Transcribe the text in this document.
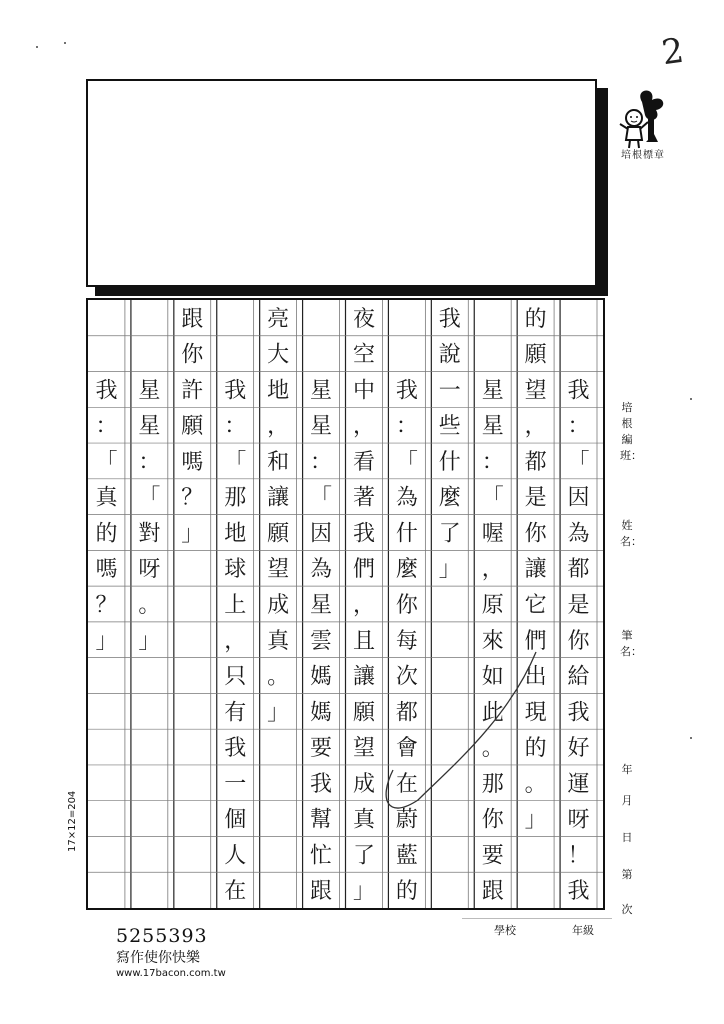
2
培根標章
我
：
「
因
為
都
是
你
給
我
好
運
呀
！
我
的
願
望
，
都
是
你
讓
它
們
出
現
的
。
」
星
星
：
「
喔
，
原
來
如
此
。
那
你
要
跟
我
說
一
些
什
麼
了
」
我
：
「
為
什
麼
你
每
次
都
會
在
蔚
藍
的
夜
空
中
，
看
著
我
們
，
且
讓
願
望
成
真
了
」
星
星
：
「
因
為
星
雲
媽
媽
要
我
幫
忙
跟
亮
大
地
，
和
讓
願
望
成
真
。
」
我
：
「
那
地
球
上
，
只
有
我
一
個
人
在
跟
你
許
願
嗎
？
」
星
星
：
「
對
呀
。
」
我
：
「
真
的
嗎
？
」
17×12=204
培根編班：
姓名：
筆名：
年
月
日
第
次
學校	年級
5255393
寫作使你快樂
www.17bacon.com.tw
